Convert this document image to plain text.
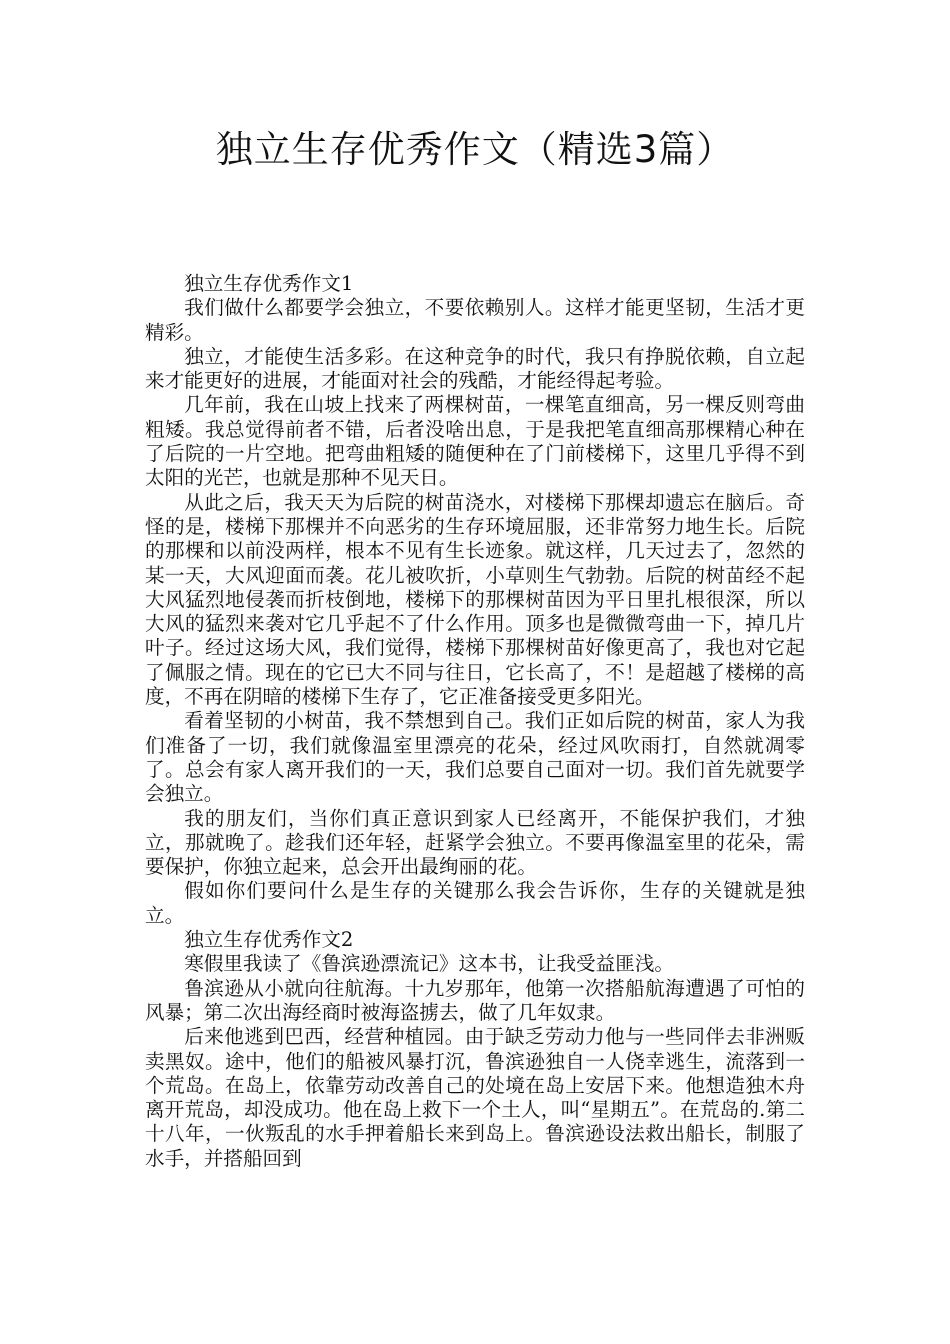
独立生存优秀作文（精选3篇）

独立生存优秀作文1

我们做什么都要学会独立，不要依赖别人。这样才能更坚韧，生活才更精彩。

独立，才能使生活多彩。在这种竞争的时代，我只有挣脱依赖，自立起来才能更好的进展，才能面对社会的残酷，才能经得起考验。

几年前，我在山坡上找来了两棵树苗，一棵笔直细高，另一棵反则弯曲粗矮。我总觉得前者不错，后者没啥出息，于是我把笔直细高那棵精心种在了后院的一片空地。把弯曲粗矮的随便种在了门前楼梯下，这里几乎得不到太阳的光芒，也就是那种不见天日。

从此之后，我天天为后院的树苗浇水，对楼梯下那棵却遗忘在脑后。奇怪的是，楼梯下那棵并不向恶劣的生存环境屈服，还非常努力地生长。后院的那棵和以前没两样，根本不见有生长迹象。就这样，几天过去了，忽然的某一天，大风迎面而袭。花儿被吹折，小草则生气勃勃。后院的树苗经不起大风猛烈地侵袭而折枝倒地，楼梯下的那棵树苗因为平日里扎根很深，所以大风的猛烈来袭对它几乎起不了什么作用。顶多也是微微弯曲一下，掉几片叶子。经过这场大风，我们觉得，楼梯下那棵树苗好像更高了，我也对它起了佩服之情。现在的它已大不同与往日，它长高了，不！是超越了楼梯的高度，不再在阴暗的楼梯下生存了，它正准备接受更多阳光。

看着坚韧的小树苗，我不禁想到自己。我们正如后院的树苗，家人为我们准备了一切，我们就像温室里漂亮的花朵，经过风吹雨打，自然就凋零了。总会有家人离开我们的一天，我们总要自己面对一切。我们首先就要学会独立。

我的朋友们，当你们真正意识到家人已经离开，不能保护我们，才独立，那就晚了。趁我们还年轻，赶紧学会独立。不要再像温室里的花朵，需要保护，你独立起来，总会开出最绚丽的花。

假如你们要问什么是生存的关键那么我会告诉你，生存的关键就是独立。

独立生存优秀作文2

寒假里我读了《鲁滨逊漂流记》这本书，让我受益匪浅。

鲁滨逊从小就向往航海。十九岁那年，他第一次搭船航海遭遇了可怕的风暴；第二次出海经商时被海盗掳去，做了几年奴隶。

后来他逃到巴西，经营种植园。由于缺乏劳动力他与一些同伴去非洲贩卖黑奴。途中，他们的船被风暴打沉，鲁滨逊独自一人侥幸逃生，流落到一个荒岛。在岛上，依靠劳动改善自己的处境在岛上安居下来。他想造独木舟离开荒岛，却没成功。他在岛上救下一个土人，叫“星期五”。在荒岛的.第二十八年，一伙叛乱的水手押着船长来到岛上。鲁滨逊设法救出船长，制服了水手，并搭船回到
